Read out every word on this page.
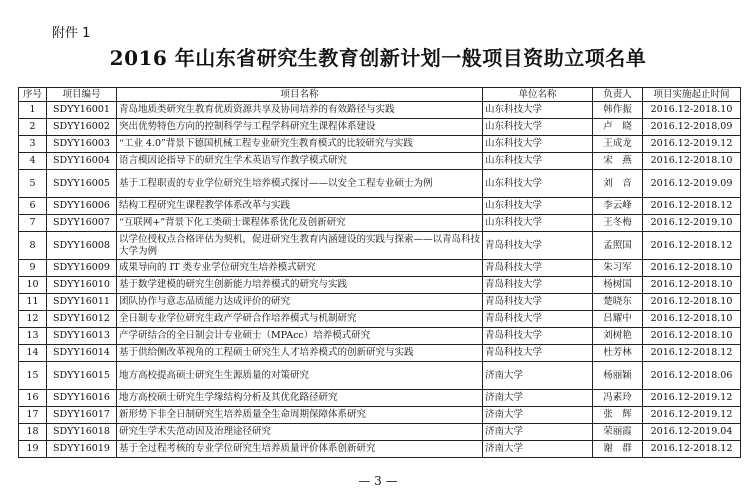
附件 1
2016 年山东省研究生教育创新计划一般项目资助立项名单
序号	项目编号	项目名称	单位名称	负责人	项目实施起止时间
1	SDYY16001	青岛地质类研究生教育优质资源共享及协同培养的有效路径与实践	山东科技大学	韩作振	2016.12-2018.10
2	SDYY16002	突出优势特色方向的控制科学与工程学科研究生课程体系建设	山东科技大学	卢　晓	2016.12-2018.09
3	SDYY16003	“工业 4.0”背景下德国机械工程专业研究生教育模式的比较研究与实践	山东科技大学	王成龙	2016.12-2019.12
4	SDYY16004	语言模因论指导下的研究生学术英语写作教学模式研究	山东科技大学	宋　燕	2016.12-2018.10
5	SDYY16005	基于工程职责的专业学位研究生培养模式探讨——以安全工程专业硕士为例	山东科技大学	刘　音	2016.12-2019.09
6	SDYY16006	结构工程研究生课程教学体系改革与实践	山东科技大学	李云峰	2016.12-2018.12
7	SDYY16007	“互联网+”背景下化工类硕士课程体系优化及创新研究	山东科技大学	王冬梅	2016.12-2019.10
8	SDYY16008	以学位授权点合格评估为契机，促进研究生教育内涵建设的实践与探索——以青岛科技大学为例	青岛科技大学	孟照国	2016.12-2018.12
9	SDYY16009	成果导向的 IT 类专业学位研究生培养模式研究	青岛科技大学	朱习军	2016.12-2018.10
10	SDYY16010	基于数学建模的研究生创新能力培养模式的研究与实践	青岛科技大学	杨树国	2016.12-2018.10
11	SDYY16011	团队协作与意志品质能力达成评价的研究	青岛科技大学	楚晓东	2016.12-2018.10
12	SDYY16012	全日制专业学位研究生政产学研合作培养模式与机制研究	青岛科技大学	吕耀中	2016.12-2018.10
13	SDYY16013	产学研结合的全日制会计专业硕士（MPAcc）培养模式研究	青岛科技大学	刘树艳	2016.12-2018.10
14	SDYY16014	基于供给侧改革视角的工程硕士研究生人才培养模式的创新研究与实践	青岛科技大学	杜芳林	2016.12-2018.12
15	SDYY16015	地方高校提高硕士研究生生源质量的对策研究	济南大学	杨丽颖	2016.12-2018.06
16	SDYY16016	地方高校硕士研究生学缘结构分析及其优化路径研究	济南大学	冯素玲	2016.12-2019.12
17	SDYY16017	新形势下非全日制研究生培养质量全生命周期保障体系研究	济南大学	张　辉	2016.12-2019.12
18	SDYY16018	研究生学术失范动因及治理途径研究	济南大学	荣丽霞	2016.12-2019.04
19	SDYY16019	基于全过程考核的专业学位研究生培养质量评价体系创新研究	济南大学	谢　群	2016.12-2018.12
— 3 —
